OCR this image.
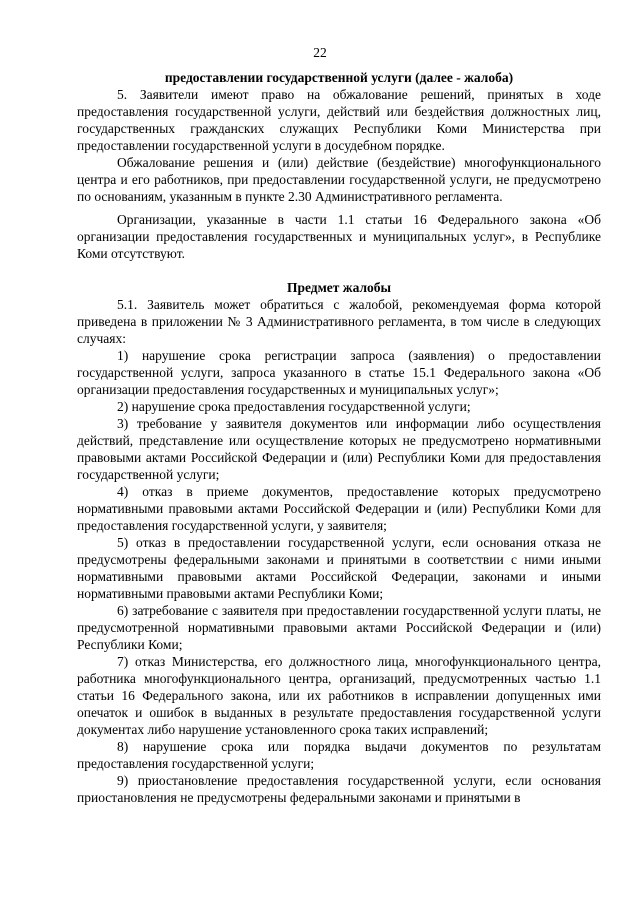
22

предоставлении государственной услуги (далее - жалоба)

5. Заявители имеют право на обжалование решений, принятых в ходе предоставления государственной услуги, действий или бездействия должностных лиц, государственных гражданских служащих Республики Коми Министерства при предоставлении государственной услуги в досудебном порядке.

Обжалование решения и (или) действие (бездействие) многофункционального центра и его работников, при предоставлении государственной услуги, не предусмотрено по основаниям, указанным в пункте 2.30 Административного регламента.

Организации, указанные в части 1.1 статьи 16 Федерального закона «Об организации предоставления государственных и муниципальных услуг», в Республике Коми отсутствуют.

Предмет жалобы

5.1. Заявитель может обратиться с жалобой, рекомендуемая форма которой приведена в приложении № 3 Административного регламента, в том числе в следующих случаях:

1) нарушение срока регистрации запроса (заявления) о предоставлении государственной услуги, запроса указанного в статье 15.1 Федерального закона «Об организации предоставления государственных и муниципальных услуг»;

2) нарушение срока предоставления государственной услуги;

3) требование у заявителя документов или информации либо осуществления действий, представление или осуществление которых не предусмотрено нормативными правовыми актами Российской Федерации и (или) Республики Коми для предоставления государственной услуги;

4) отказ в приеме документов, предоставление которых предусмотрено нормативными правовыми актами Российской Федерации и (или) Республики Коми для предоставления государственной услуги, у заявителя;

5) отказ в предоставлении государственной услуги, если основания отказа не предусмотрены федеральными законами и принятыми в соответствии с ними иными нормативными правовыми актами Российской Федерации, законами и иными нормативными правовыми актами Республики Коми;

6) затребование с заявителя при предоставлении государственной услуги платы, не предусмотренной нормативными правовыми актами Российской Федерации и (или) Республики Коми;

7) отказ Министерства, его должностного лица, многофункционального центра, работника многофункционального центра, организаций, предусмотренных частью 1.1 статьи 16 Федерального закона, или их работников в исправлении допущенных ими опечаток и ошибок в выданных в результате предоставления государственной услуги документах либо нарушение установленного срока таких исправлений;

8) нарушение срока или порядка выдачи документов по результатам предоставления государственной услуги;

9) приостановление предоставления государственной услуги, если основания приостановления не предусмотрены федеральными законами и принятыми в
